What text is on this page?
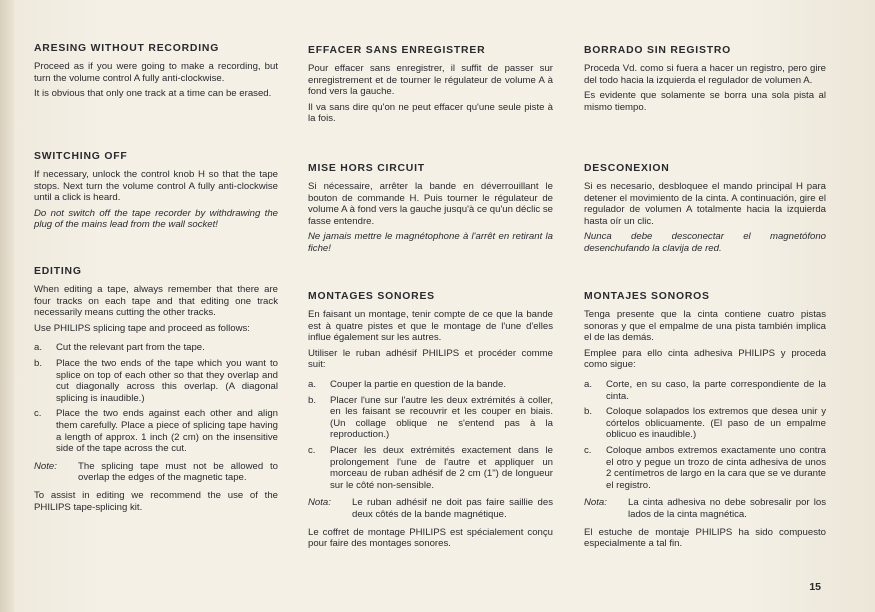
ARESING WITHOUT RECORDING

Proceed as if you were going to make a recording, but turn the volume control A fully anti-clockwise.

It is obvious that only one track at a time can be erased.

SWITCHING OFF

If necessary, unlock the control knob H so that the tape stops. Next turn the volume control A fully anti-clockwise until a click is heard.

Do not switch off the tape recorder by withdrawing the plug of the mains lead from the wall socket!

EDITING

When editing a tape, always remember that there are four tracks on each tape and that editing one track necessarily means cutting the other tracks.

Use PHILIPS splicing tape and proceed as follows:

a.	Cut the relevant part from the tape.
b.	Place the two ends of the tape which you want to splice on top of each other so that they overlap and cut diagonally across this overlap. (A diagonal splicing is inaudible.)
c.	Place the two ends against each other and align them carefully. Place a piece of splicing tape having a length of approx. 1 inch (2 cm) on the insensitive side of the tape across the cut.
Note:	The splicing tape must not be allowed to overlap the edges of the magnetic tape.

To assist in editing we recommend the use of the PHILIPS tape-splicing kit.

EFFACER SANS ENREGISTRER

Pour effacer sans enregistrer, il suffit de passer sur enregistrement et de tourner le régulateur de volume A à fond vers la gauche.

Il va sans dire qu'on ne peut effacer qu'une seule piste à la fois.

MISE HORS CIRCUIT

Si nécessaire, arrêter la bande en déverrouillant le bouton de commande H. Puis tourner le régulateur de volume A à fond vers la gauche jusqu'à ce qu'un déclic se fasse entendre.

Ne jamais mettre le magnétophone à l'arrêt en retirant la fiche!

MONTAGES SONORES

En faisant un montage, tenir compte de ce que la bande est à quatre pistes et que le montage de l'une d'elles influe également sur les autres.

Utiliser le ruban adhésif PHILIPS et procéder comme suit:

a.	Couper la partie en question de la bande.
b.	Placer l'une sur l'autre les deux extrémités à coller, en les faisant se recouvrir et les couper en biais. (Un collage oblique ne s'entend pas à la reproduction.)
c.	Placer les deux extrémités exactement dans le prolongement l'une de l'autre et appliquer un morceau de ruban adhésif de 2 cm (1") de longueur sur le côté non-sensible.
Nota:	Le ruban adhésif ne doit pas faire saillie des deux côtés de la bande magnétique.

Le coffret de montage PHILIPS est spécialement conçu pour faire des montages sonores.

BORRADO SIN REGISTRO

Proceda Vd. como si fuera a hacer un registro, pero gire del todo hacia la izquierda el regulador de volumen A.

Es evidente que solamente se borra una sola pista al mismo tiempo.

DESCONEXION

Si es necesario, desbloquee el mando principal H para detener el movimiento de la cinta. A continuación, gire el regulador de volumen A totalmente hacia la izquierda hasta oír un clic.

Nunca debe desconectar el magnetófono desenchufando la clavija de red.

MONTAJES SONOROS

Tenga presente que la cinta contiene cuatro pistas sonoras y que el empalme de una pista también implica el de las demás.

Emplee para ello cinta adhesiva PHILIPS y proceda como sigue:

a.	Corte, en su caso, la parte correspondiente de la cinta.
b.	Coloque solapados los extremos que desea unir y córtelos oblicuamente. (El paso de un empalme oblicuo es inaudible.)
c.	Coloque ambos extremos exactamente uno contra el otro y pegue un trozo de cinta adhesiva de unos 2 centímetros de largo en la cara que se ve durante el registro.
Nota:	La cinta adhesiva no debe sobresalir por los lados de la cinta magnética.

El estuche de montaje PHILIPS ha sido compuesto especialmente a tal fin.

15
